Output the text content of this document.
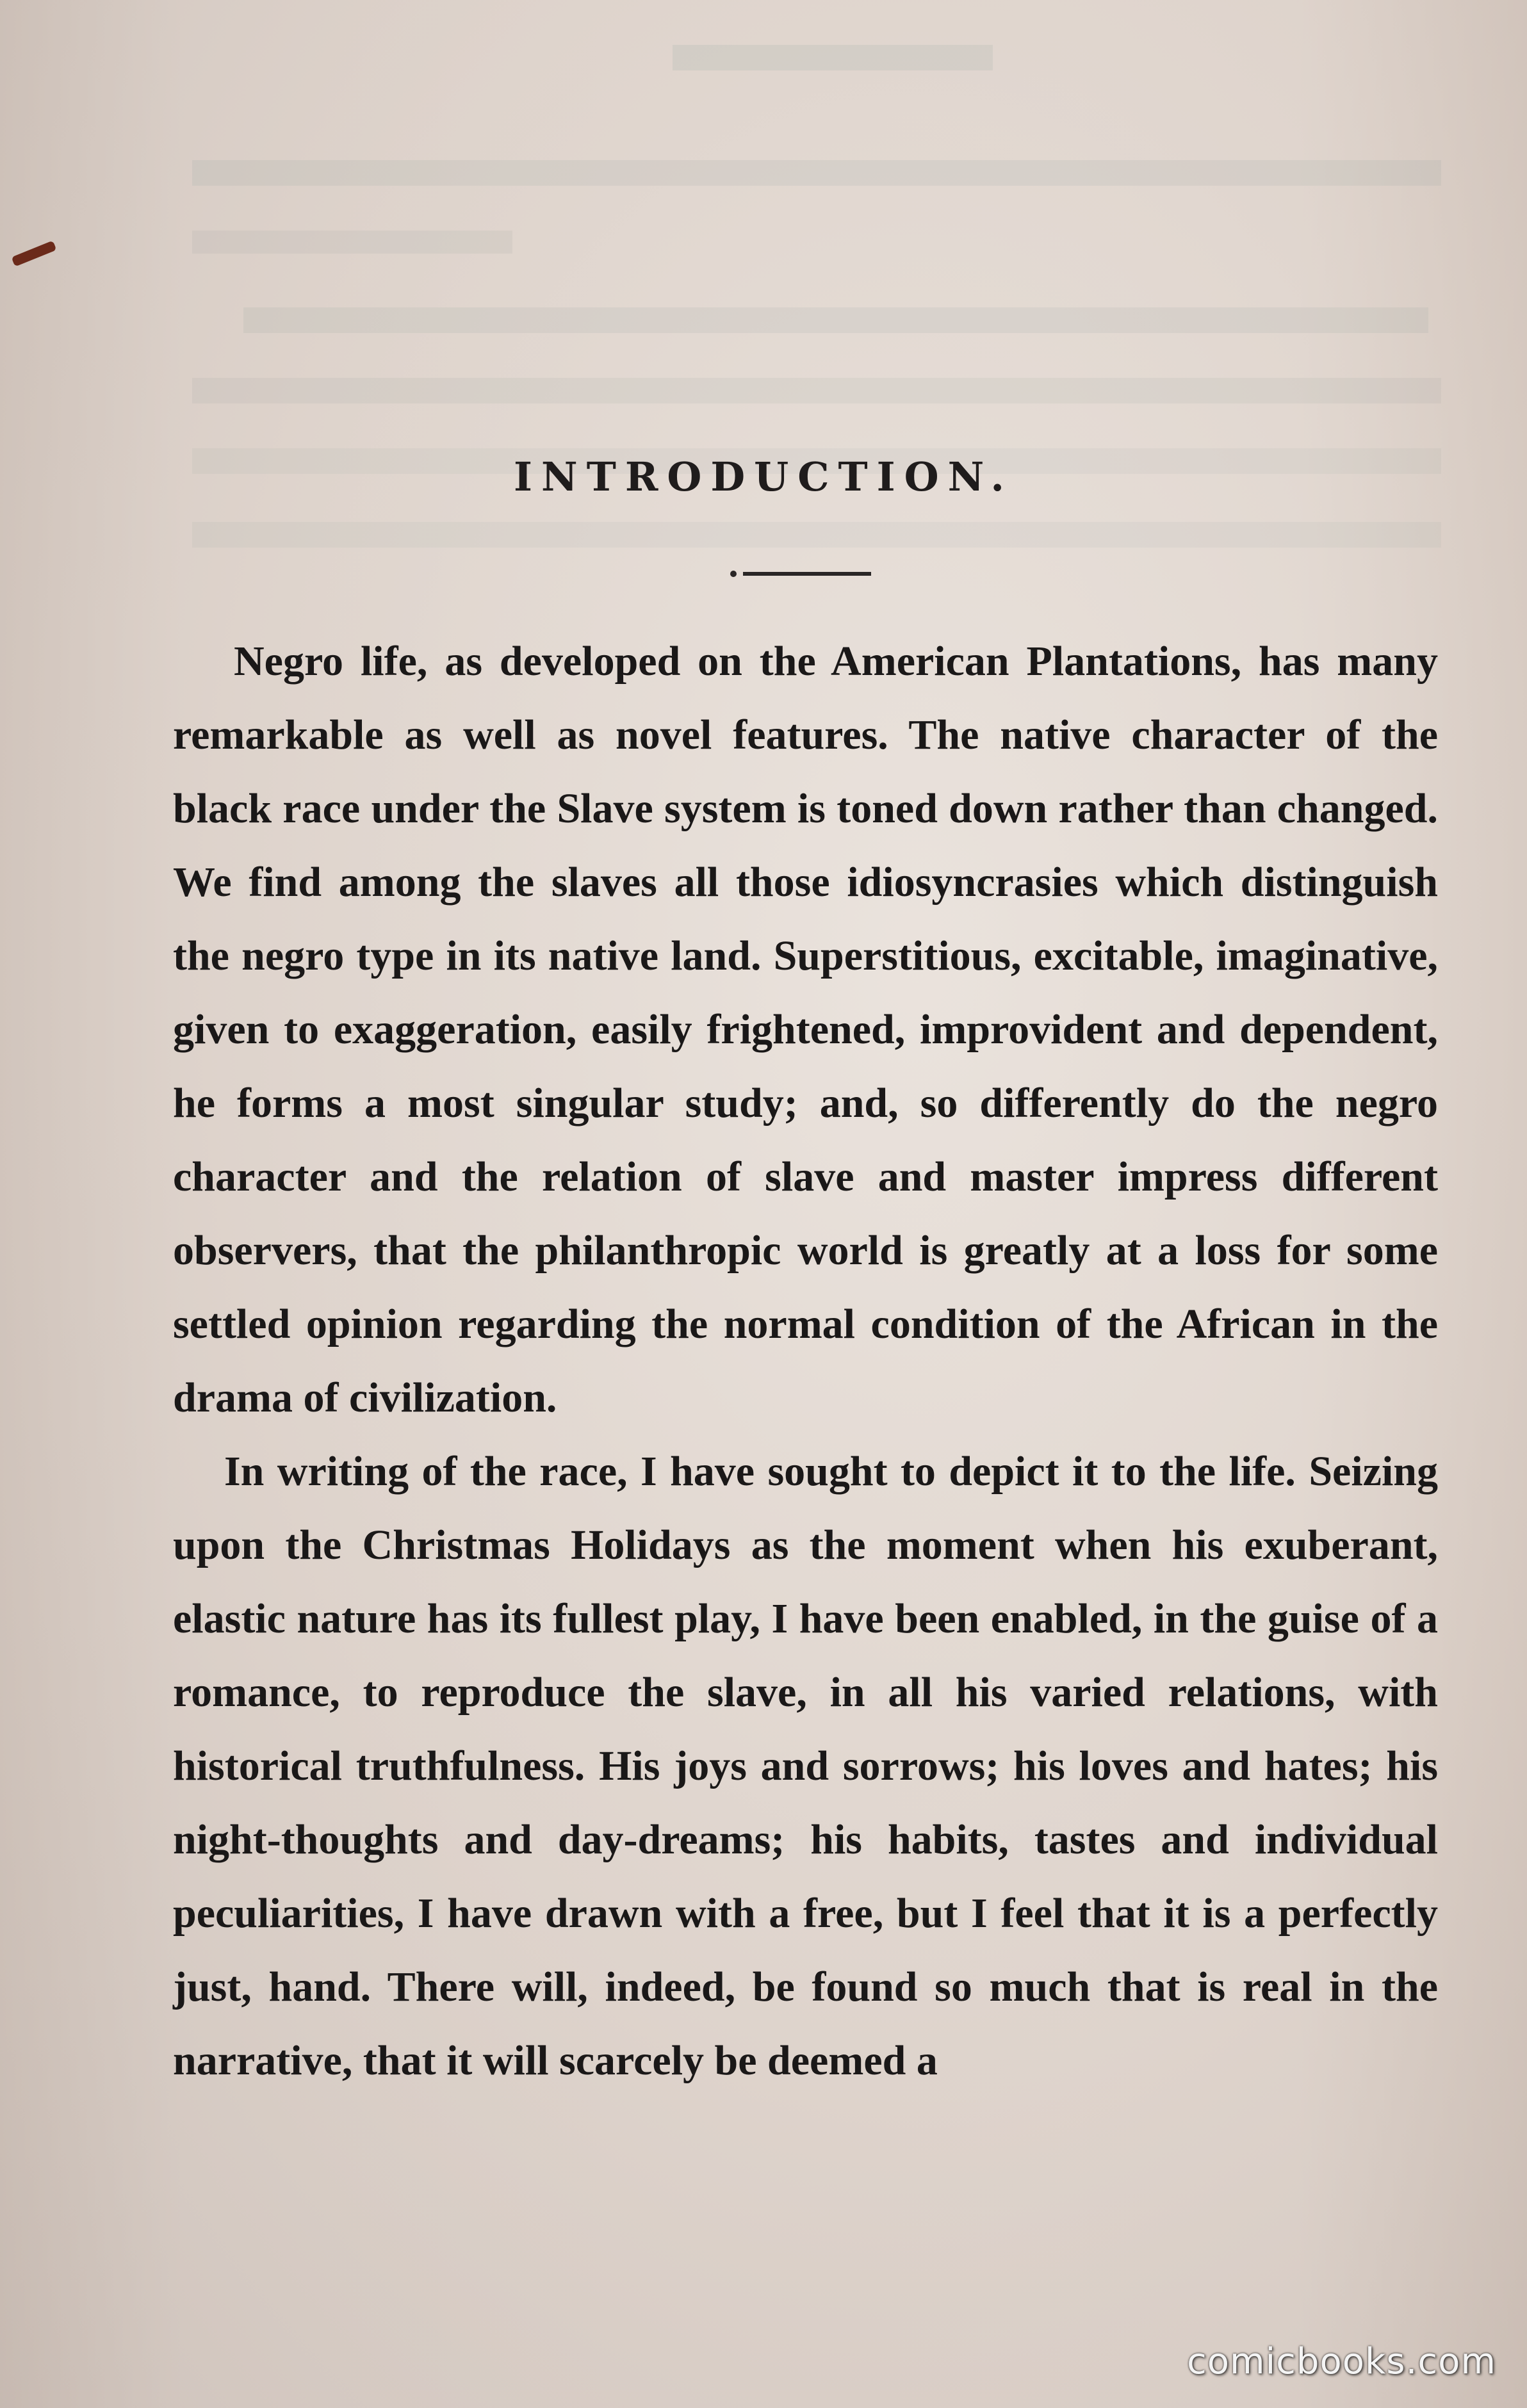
INTRODUCTION.

Negro life, as developed on the American Plantations, has many remarkable as well as novel features. The native character of the black race under the Slave system is toned down rather than changed. We find among the slaves all those idiosyncrasies which distinguish the negro type in its native land. Superstitious, excitable, imaginative, given to exaggeration, easily frightened, improvident and dependent, he forms a most singular study; and, so differently do the negro character and the relation of slave and master impress different observers, that the philanthropic world is greatly at a loss for some settled opinion regarding the normal condition of the African in the drama of civilization.

In writing of the race, I have sought to depict it to the life. Seizing upon the Christmas Holidays as the moment when his exuberant, elastic nature has its fullest play, I have been enabled, in the guise of a romance, to reproduce the slave, in all his varied relations, with historical truthfulness. His joys and sorrows; his loves and hates; his night-thoughts and day-dreams; his habits, tastes and individual peculiarities, I have drawn with a free, but I feel that it is a perfectly just, hand. There will, indeed, be found so much that is real in the narrative, that it will scarcely be deemed a

comicbooks.com
